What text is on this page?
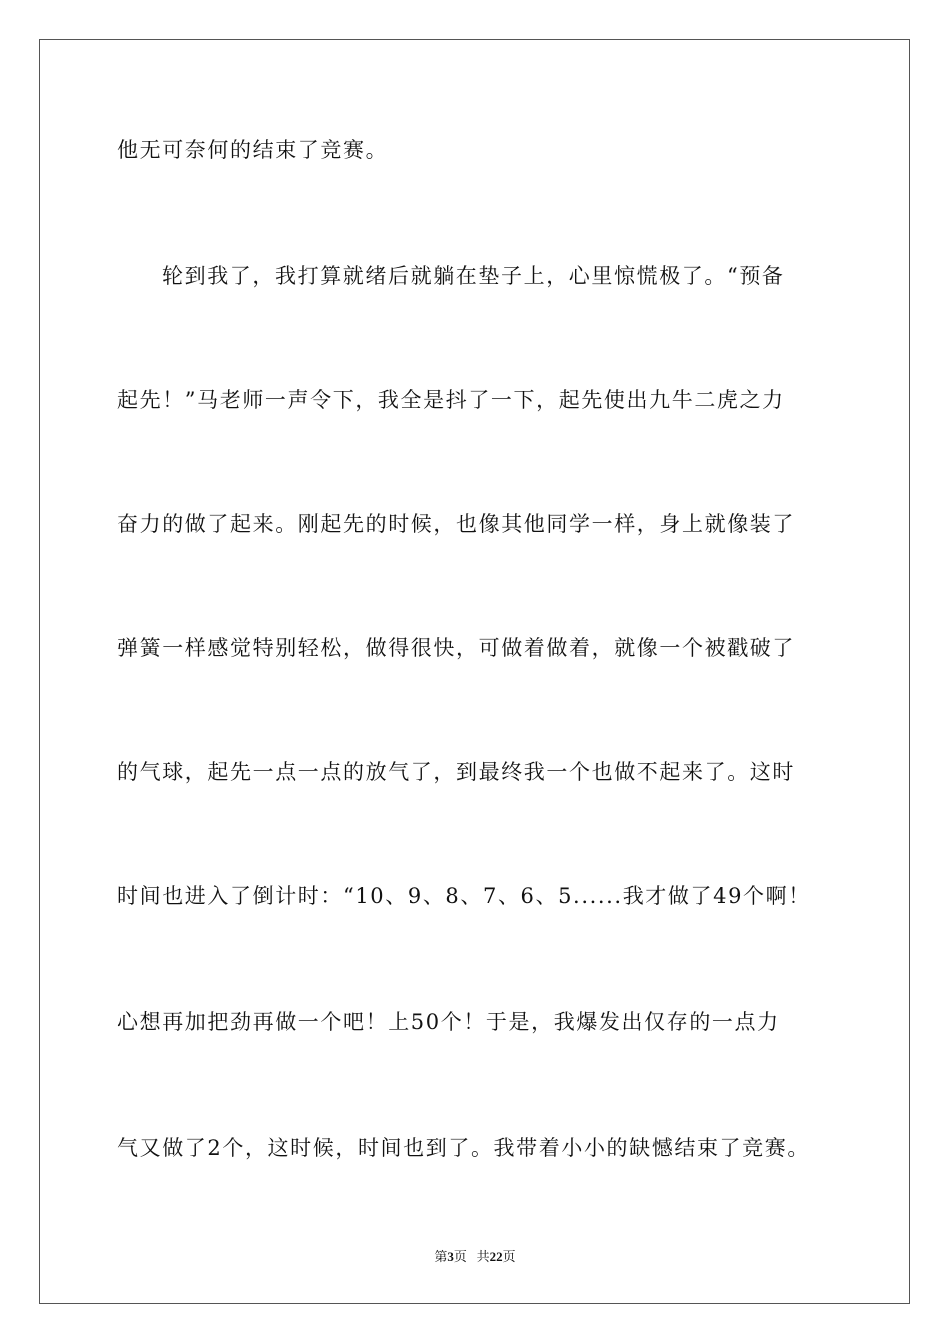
他无可奈何的结束了竞赛。
轮到我了，我打算就绪后就躺在垫子上，心里惊慌极了。“预备
起先！”马老师一声令下，我全是抖了一下，起先使出九牛二虎之力
奋力的做了起来。刚起先的时候，也像其他同学一样，身上就像装了
弹簧一样感觉特别轻松，做得很快，可做着做着，就像一个被戳破了
的气球，起先一点一点的放气了，到最终我一个也做不起来了。这时
时间也进入了倒计时：“10、9、8、7、6、5......我才做了49个啊！
心想再加把劲再做一个吧！上50个！于是，我爆发出仅存的一点力
气又做了2个，这时候，时间也到了。我带着小小的缺憾结束了竞赛。
第3页 共22页
